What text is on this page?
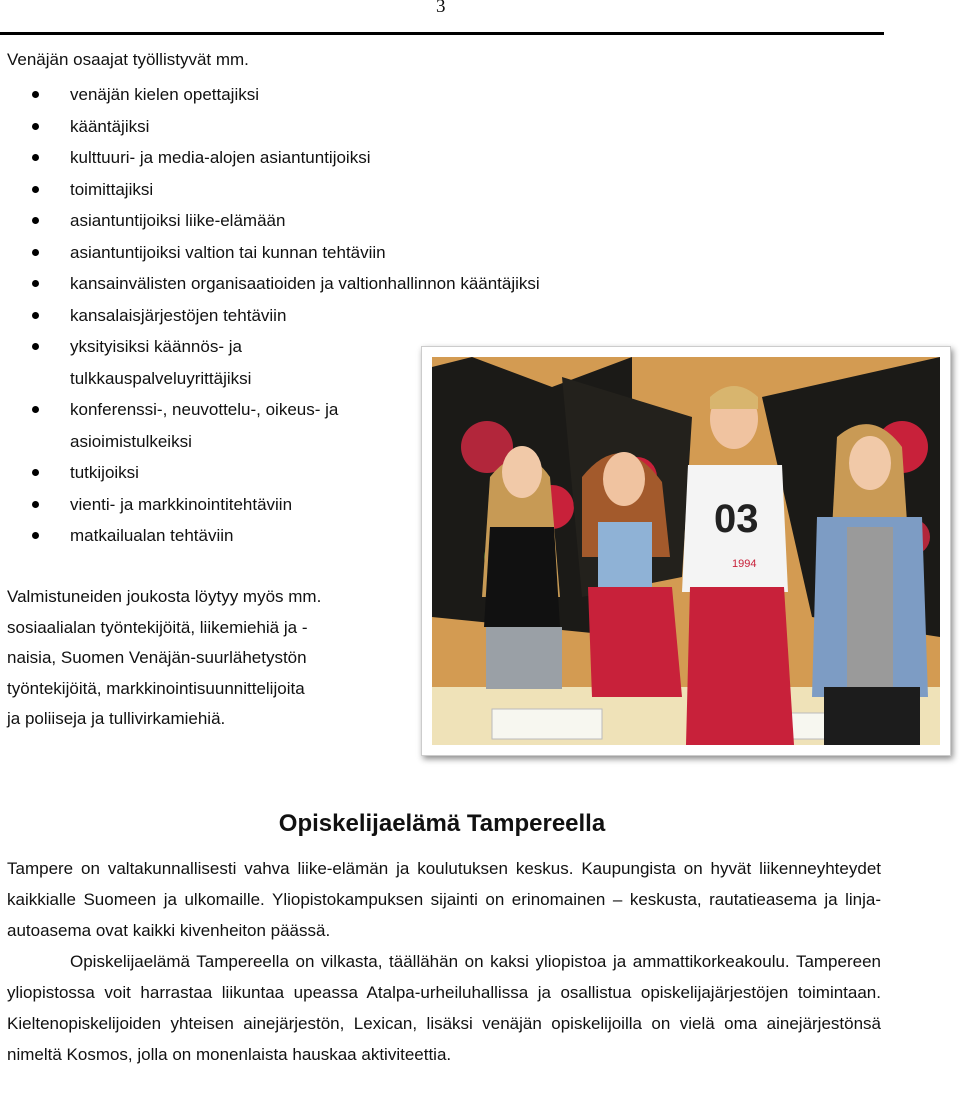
3
Venäjän osaajat työllistyvät mm.
venäjän kielen opettajiksi
kääntäjiksi
kulttuuri- ja media-alojen asiantuntijoiksi
toimittajiksi
asiantuntijoiksi liike-elämään
asiantuntijoiksi valtion tai kunnan tehtäviin
kansainvälisten organisaatioiden ja valtionhallinnon kääntäjiksi
kansalaisjärjestöjen tehtäviin
yksityisiksi käännös- ja tulkkauspalveluyrittäjiksi
konferenssi-, neuvottelu-, oikeus- ja asioimistulkeiksi
tutkijoiksi
vienti- ja markkinointitehtäviin
matkailualan tehtäviin	03
1994
Valmistuneiden joukosta löytyy myös mm.
sosiaalialan työntekijöitä, liikemiehiä ja -
naisia, Suomen Venäjän-suurlähetystön
työntekijöitä, markkinointisuunnittelijoita
ja poliiseja ja tullivirkamiehiä.
Opiskelijaelämä Tampereella

Tampere on valtakunnallisesti vahva liike-elämän ja koulutuksen keskus. Kaupungista on hyvät liikenneyhteydet kaikkialle Suomeen ja ulkomaille. Yliopistokampuksen sijainti on erinomainen – keskusta, rautatieasema ja linja-autoasema ovat kaikki kivenheiton päässä.

Opiskelijaelämä Tampereella on vilkasta, täällähän on kaksi yliopistoa ja ammattikorkeakoulu. Tampereen yliopistossa voit harrastaa liikuntaa upeassa Atalpa-urheiluhallissa ja osallistua opiskelijajärjestöjen toimintaan. Kieltenopiskelijoiden yhteisen ainejärjestön, Lexican, lisäksi venäjän opiskelijoilla on vielä oma ainejärjestönsä nimeltä Kosmos, jolla on monenlaista hauskaa aktiviteettia.
